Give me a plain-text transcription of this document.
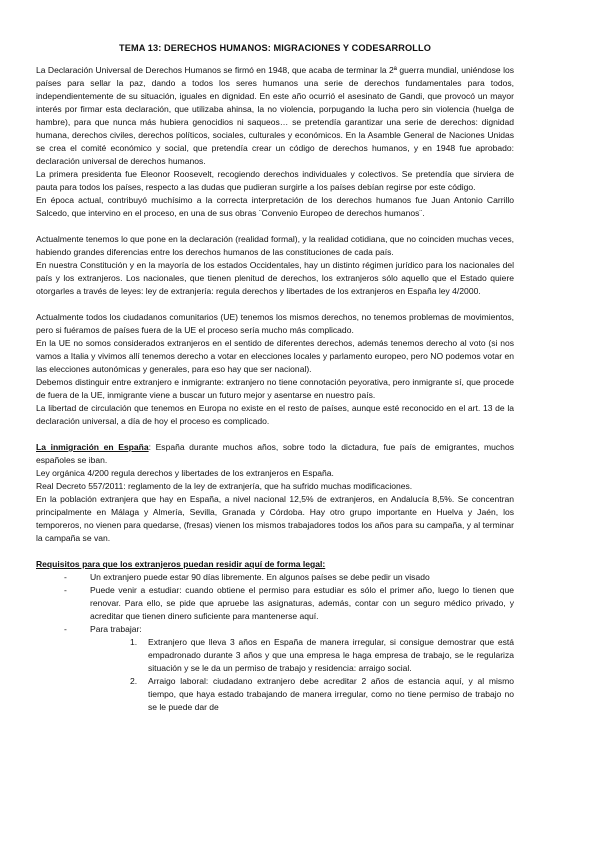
TEMA 13: DERECHOS HUMANOS: MIGRACIONES Y CODESARROLLO

La Declaración Universal de Derechos Humanos se firmó en 1948, que acaba de terminar la 2ª guerra mundial, uniéndose los países para sellar la paz, dando a todos los seres humanos una serie de derechos fundamentales para todos, independientemente de su situación, iguales en dignidad. En este año ocurrió el asesinato de Gandi, que provocó un mayor interés por firmar esta declaración, que utilizaba ahinsa, la no violencia, porpugando la lucha pero sin violencia (huelga de hambre), para que nunca más hubiera genocidios ni saqueos… se pretendía garantizar una serie de derechos: dignidad humana, derechos civiles, derechos políticos, sociales, culturales y económicos. En la Asamble General de Naciones Unidas se crea el comité económico y social, que pretendía crear un código de derechos humanos, y en 1948 fue aprobado: declaración universal de derechos humanos.

La primera presidenta fue Eleonor Roosevelt, recogiendo derechos individuales y colectivos. Se pretendía que sirviera de pauta para todos los países, respecto a las dudas que pudieran surgirle a los países debían regirse por este código.

En época actual, contribuyó muchísimo a la correcta interpretación de los derechos humanos fue Juan Antonio Carrillo Salcedo, que intervino en el proceso, en una de sus obras ¨Convenio Europeo de derechos humanos¨.

Actualmente tenemos lo que pone en la declaración (realidad formal), y la realidad cotidiana, que no coinciden muchas veces, habiendo grandes diferencias entre los derechos humanos de las constituciones de cada país.

En nuestra Constitución y en la mayoría de los estados Occidentales, hay un distinto régimen jurídico para los nacionales del país y los extranjeros. Los nacionales, que tienen plenitud de derechos, los extranjeros sólo aquello que el Estado quiere otorgarles a través de leyes: ley de extranjería: regula derechos y libertades de los extranjeros en España ley 4/2000.

Actualmente todos los ciudadanos comunitarios (UE) tenemos los mismos derechos, no tenemos problemas de movimientos, pero si fuéramos de países fuera de la UE el proceso sería mucho más complicado.

En la UE no somos considerados extranjeros en el sentido de diferentes derechos, además tenemos derecho al voto (si nos vamos a Italia y vivimos allí tenemos derecho a votar en elecciones locales y parlamento europeo, pero NO podemos votar en las elecciones autonómicas y generales, para eso hay que ser nacional).

Debemos distinguir entre extranjero e inmigrante: extranjero no tiene connotación peyorativa, pero inmigrante sí, que procede de fuera de la UE, inmigrante viene a buscar un futuro mejor y asentarse en nuestro país.

La libertad de circulación que tenemos en Europa no existe en el resto de países, aunque esté reconocido en el art. 13 de la declaración universal, a día de hoy el proceso es complicado.

La inmigración en España: España durante muchos años, sobre todo la dictadura, fue país de emigrantes, muchos españoles se iban.

Ley orgánica 4/200 regula derechos y libertades de los extranjeros en España.

Real Decreto 557/2011: reglamento de la ley de extranjería, que ha sufrido muchas modificaciones.

En la población extranjera que hay en España, a nivel nacional 12,5% de extranjeros, en Andalucía 8,5%. Se concentran principalmente en Málaga y Almería, Sevilla, Granada y Córdoba. Hay otro grupo importante en Huelva y Jaén, los temporeros, no vienen para quedarse, (fresas) vienen los mismos trabajadores todos los años para su campaña, y al terminar la campaña se van.

Requisitos para que los extranjeros puedan residir aquí de forma legal:

- Un extranjero puede estar 90 días libremente. En algunos países se debe pedir un visado
- Puede venir a estudiar: cuando obtiene el permiso para estudiar es sólo el primer año, luego lo tienen que renovar. Para ello, se pide que apruebe las asignaturas, además, contar con un seguro médico privado, y acreditar que tienen dinero suficiente para mantenerse aquí.
- Para trabajar:
1. Extranjero que lleva 3 años en España de manera irregular, si consigue demostrar que está empadronado durante 3 años y que una empresa le haga empresa de trabajo, se le regulariza situación y se le da un permiso de trabajo y residencia: arraigo social.
2. Arraigo laboral: ciudadano extranjero debe acreditar 2 años de estancia aquí, y al mismo tiempo, que haya estado trabajando de manera irregular, como no tiene permiso de trabajo no se le puede dar de
